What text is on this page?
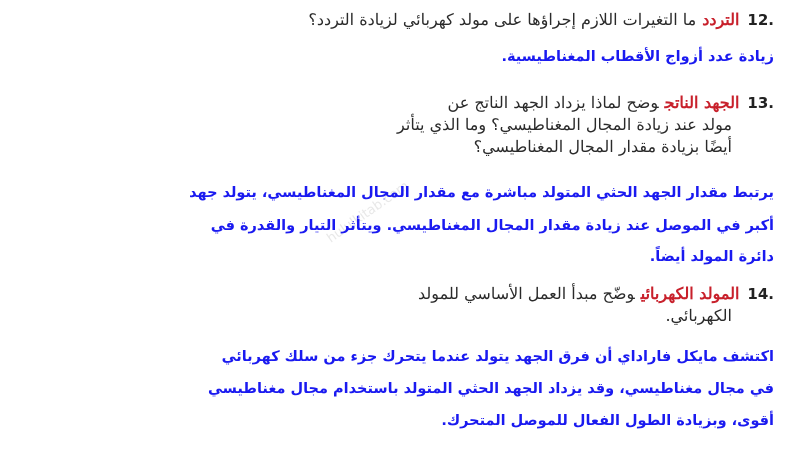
hululkitab.com
.12الترددما التغيرات اللازم إجراؤها على مولد كهربائي لزيادة التردد؟
زيادة عدد أزواج الأقطاب المغناطيسية.
.13الجهد الناتجوضح لماذا يزداد الجهد الناتج عن
مولد عند زيادة المجال المغناطيسي؟ وما الذي يتأثر
أيضًا بزيادة مقدار المجال المغناطيسي؟
يرتبط مقدار الجهد الحثي المتولد مباشرة مع مقدار المجال المغناطيسي، يتولد جهد
أكبر في الموصل عند زيادة مقدار المجال المغناطيسي. ويتأثر التيار والقدرة في
دائرة المولد أيضاً.
.14المولد الكهربائيوضّح مبدأ العمل الأساسي للمولد
الكهربائي.
اكتشف مايكل فاراداي أن فرق الجهد يتولد عندما يتحرك جزء من سلك كهربائي
في مجال مغناطيسي، وقد يزداد الجهد الحثي المتولد باستخدام مجال مغناطيسي
أقوى، وبزيادة الطول الفعال للموصل المتحرك.
